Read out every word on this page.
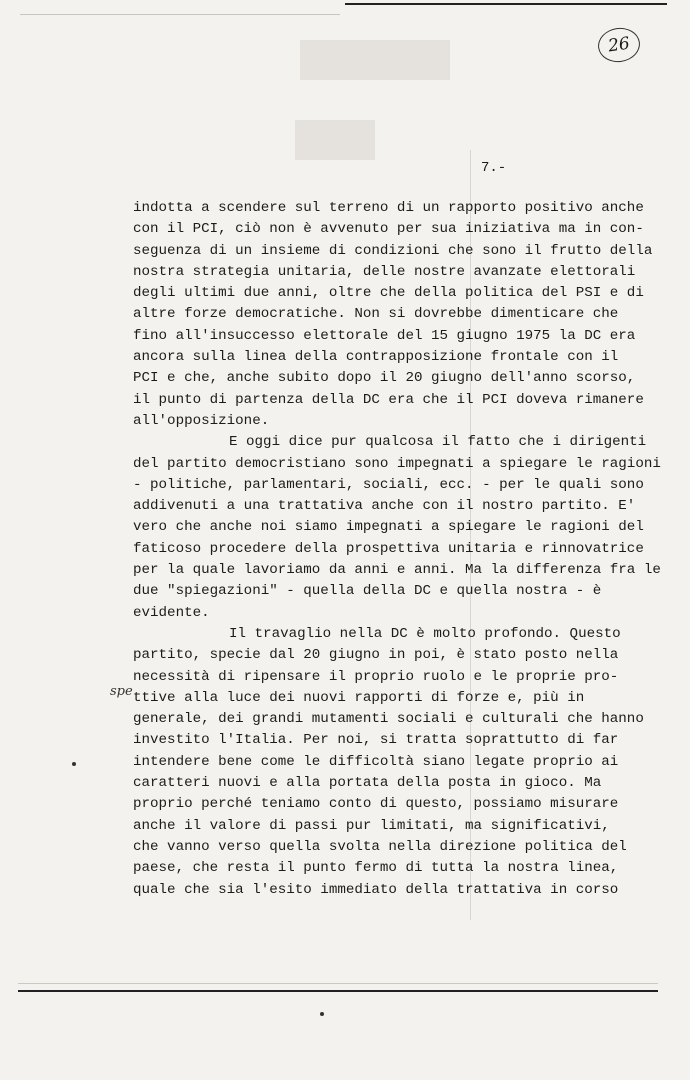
26
7.-
indotta a scendere sul terreno di un rapporto positivo anche
con il PCI, ciò non è avvenuto per sua iniziativa ma in con-
seguenza di un insieme di condizioni che sono il frutto della
nostra strategia unitaria, delle nostre avanzate elettorali
degli ultimi due anni, oltre che della politica del PSI e di
altre forze democratiche. Non si dovrebbe dimenticare che
fino all'insuccesso elettorale del 15 giugno 1975 la DC era
ancora sulla linea della contrapposizione frontale con il
PCI e che, anche subito dopo il 20 giugno dell'anno scorso,
il punto di partenza della DC era che il PCI doveva rimanere
all'opposizione.
E oggi dice pur qualcosa il fatto che i dirigenti
del partito democristiano sono impegnati a spiegare le ragioni
- politiche, parlamentari, sociali, ecc. - per le quali sono
addivenuti a una trattativa anche con il nostro partito. E'
vero che anche noi siamo impegnati a spiegare le ragioni del
faticoso procedere della prospettiva unitaria e rinnovatrice
per la quale lavoriamo da anni e anni. Ma la differenza fra le
due "spiegazioni" - quella della DC e quella nostra - è
evidente.
Il travaglio nella DC è molto profondo. Questo
partito, specie dal 20 giugno in poi, è stato posto nella
necessità di ripensare il proprio ruolo e le proprie pro-
ttive alla luce dei nuovi rapporti di forze e, più in
generale, dei grandi mutamenti sociali e culturali che hanno
investito l'Italia. Per noi, si tratta soprattutto di far
intendere bene come le difficoltà siano legate proprio ai
caratteri nuovi e alla portata della posta in gioco. Ma
proprio perché teniamo conto di questo, possiamo misurare
anche il valore di passi pur limitati, ma significativi,
che vanno verso quella svolta nella direzione politica del
paese, che resta il punto fermo di tutta la nostra linea,
quale che sia l'esito immediato della trattativa in corso
spe
